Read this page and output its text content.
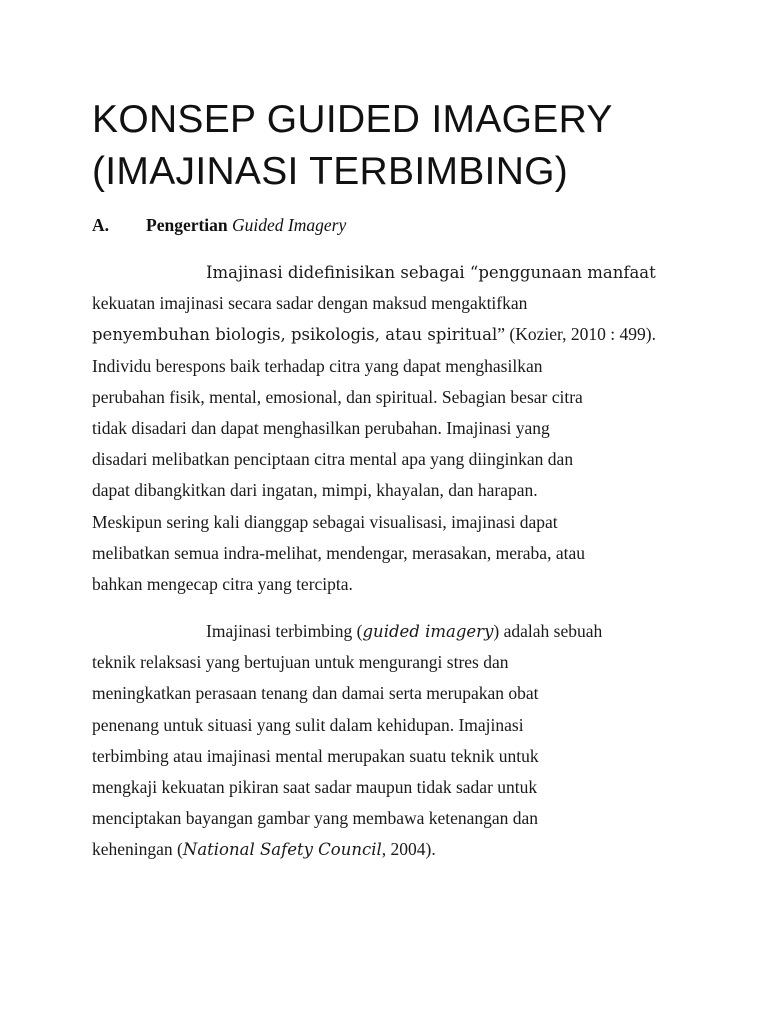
KONSEP GUIDED IMAGERY
(IMAJINASI TERBIMBING)
A. Pengertian Guided Imagery
Imajinasi didefinisikan sebagai “penggunaan manfaat
kekuatan imajinasi secara sadar dengan maksud mengaktifkan
penyembuhan biologis, psikologis, atau spiritual” (Kozier, 2010 : 499).
Individu berespons baik terhadap citra yang dapat menghasilkan
perubahan fisik, mental, emosional, dan spiritual. Sebagian besar citra
tidak disadari dan dapat menghasilkan perubahan. Imajinasi yang
disadari melibatkan penciptaan citra mental apa yang diinginkan dan
dapat dibangkitkan dari ingatan, mimpi, khayalan, dan harapan.
Meskipun sering kali dianggap sebagai visualisasi, imajinasi dapat
melibatkan semua indra-melihat, mendengar, merasakan, meraba, atau
bahkan mengecap citra yang tercipta.
Imajinasi terbimbing (guided imagery) adalah sebuah
teknik relaksasi yang bertujuan untuk mengurangi stres dan
meningkatkan perasaan tenang dan damai serta merupakan obat
penenang untuk situasi yang sulit dalam kehidupan. Imajinasi
terbimbing atau imajinasi mental merupakan suatu teknik untuk
mengkaji kekuatan pikiran saat sadar maupun tidak sadar untuk
menciptakan bayangan gambar yang membawa ketenangan dan
keheningan (National Safety Council, 2004).
